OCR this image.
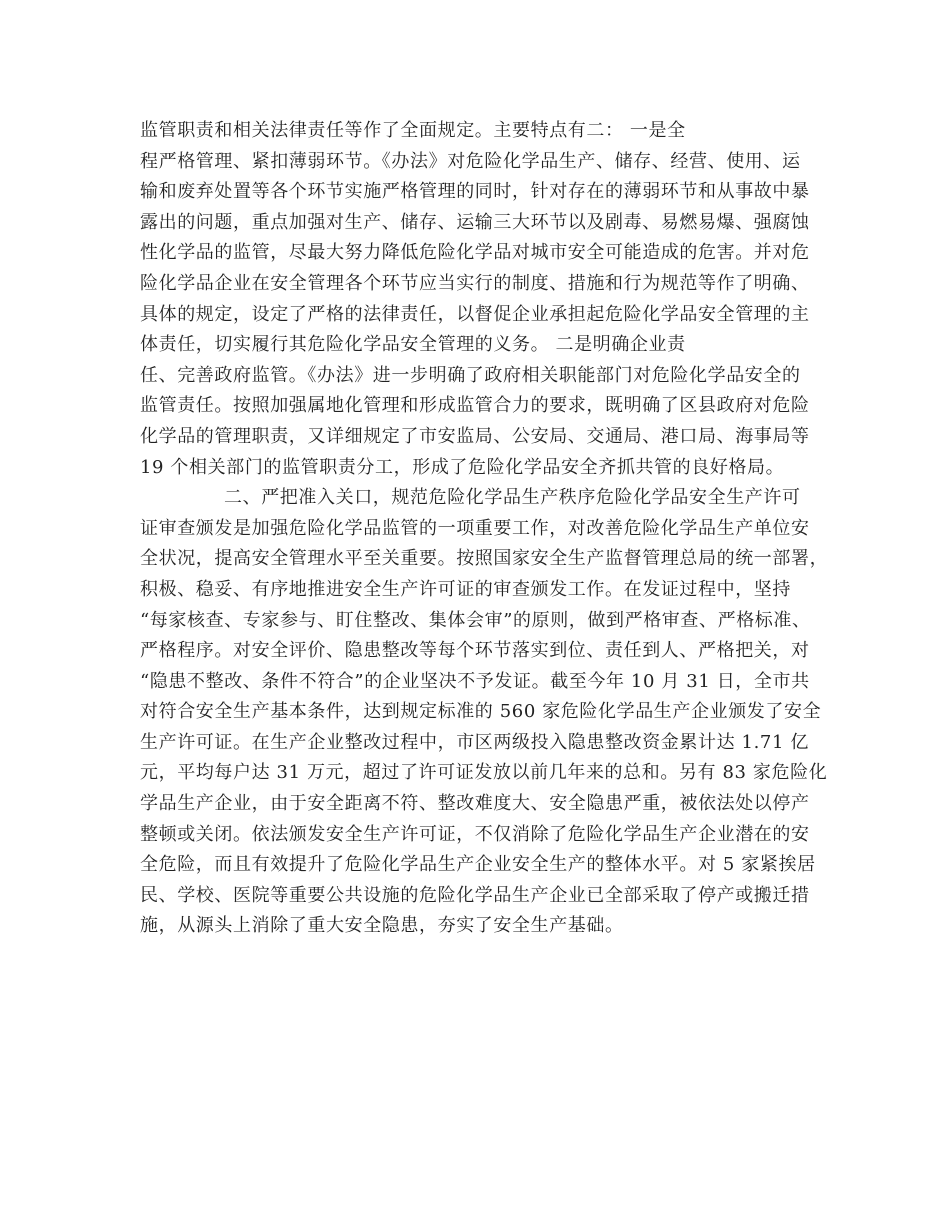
监管职责和相关法律责任等作了全面规定。主要特点有二： 一是全
程严格管理、紧扣薄弱环节。《办法》对危险化学品生产、储存、经营、使用、运
输和废弃处置等各个环节实施严格管理的同时，针对存在的薄弱环节和从事故中暴
露出的问题，重点加强对生产、储存、运输三大环节以及剧毒、易燃易爆、强腐蚀
性化学品的监管，尽最大努力降低危险化学品对城市安全可能造成的危害。并对危
险化学品企业在安全管理各个环节应当实行的制度、措施和行为规范等作了明确、
具体的规定，设定了严格的法律责任，以督促企业承担起危险化学品安全管理的主
体责任，切实履行其危险化学品安全管理的义务。 二是明确企业责
任、完善政府监管。《办法》进一步明确了政府相关职能部门对危险化学品安全的
监管责任。按照加强属地化管理和形成监管合力的要求，既明确了区县政府对危险
化学品的管理职责，又详细规定了市安监局、公安局、交通局、港口局、海事局等
19 个相关部门的监管职责分工，形成了危险化学品安全齐抓共管的良好格局。
二、严把准入关口，规范危险化学品生产秩序危险化学品安全生产许可
证审查颁发是加强危险化学品监管的一项重要工作，对改善危险化学品生产单位安
全状况，提高安全管理水平至关重要。按照国家安全生产监督管理总局的统一部署，
积极、稳妥、有序地推进安全生产许可证的审查颁发工作。在发证过程中，坚持
“每家核查、专家参与、盯住整改、集体会审”的原则，做到严格审查、严格标准、
严格程序。对安全评价、隐患整改等每个环节落实到位、责任到人、严格把关，对
“隐患不整改、条件不符合”的企业坚决不予发证。截至今年 10 月 31 日，全市共
对符合安全生产基本条件，达到规定标准的 560 家危险化学品生产企业颁发了安全
生产许可证。在生产企业整改过程中，市区两级投入隐患整改资金累计达 1.71 亿
元，平均每户达 31 万元，超过了许可证发放以前几年来的总和。另有 83 家危险化
学品生产企业，由于安全距离不符、整改难度大、安全隐患严重，被依法处以停产
整顿或关闭。依法颁发安全生产许可证，不仅消除了危险化学品生产企业潜在的安
全危险，而且有效提升了危险化学品生产企业安全生产的整体水平。对 5 家紧挨居
民、学校、医院等重要公共设施的危险化学品生产企业已全部采取了停产或搬迁措
施，从源头上消除了重大安全隐患，夯实了安全生产基础。
